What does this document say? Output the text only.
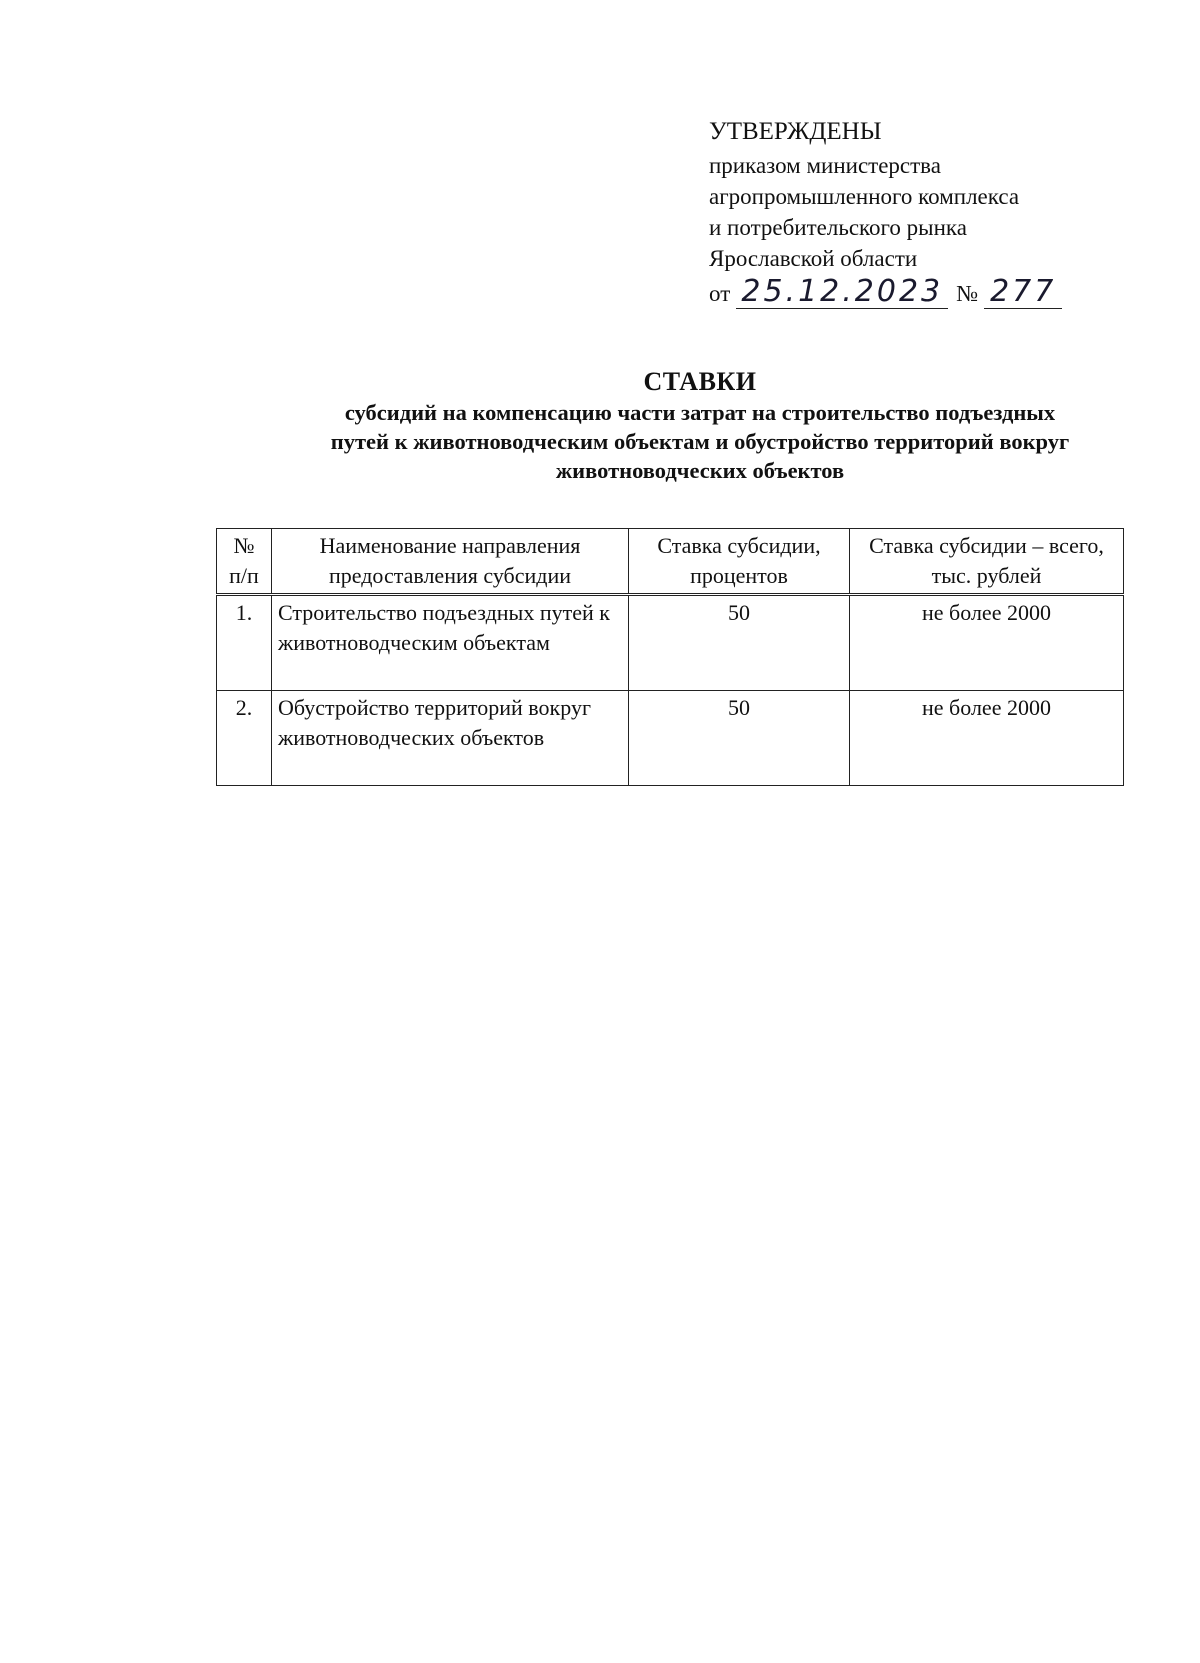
УТВЕРЖДЕНЫ
приказом министерства
агропромышленного комплекса
и потребительского рынка
Ярославской области
от 25.12.2023 № 277
СТАВКИ
субсидий на компенсацию части затрат на строительство подъездных
путей к животноводческим объектам и обустройство территорий вокруг
животноводческих объектов
№ п/п	Наименование направления предоставления субсидии	Ставка субсидии, процентов	Ставка субсидии – всего, тыс. рублей
1.	Строительство подъездных путей к животноводческим объектам	50	не более 2000
2.	Обустройство территорий вокруг животноводческих объектов	50	не более 2000
